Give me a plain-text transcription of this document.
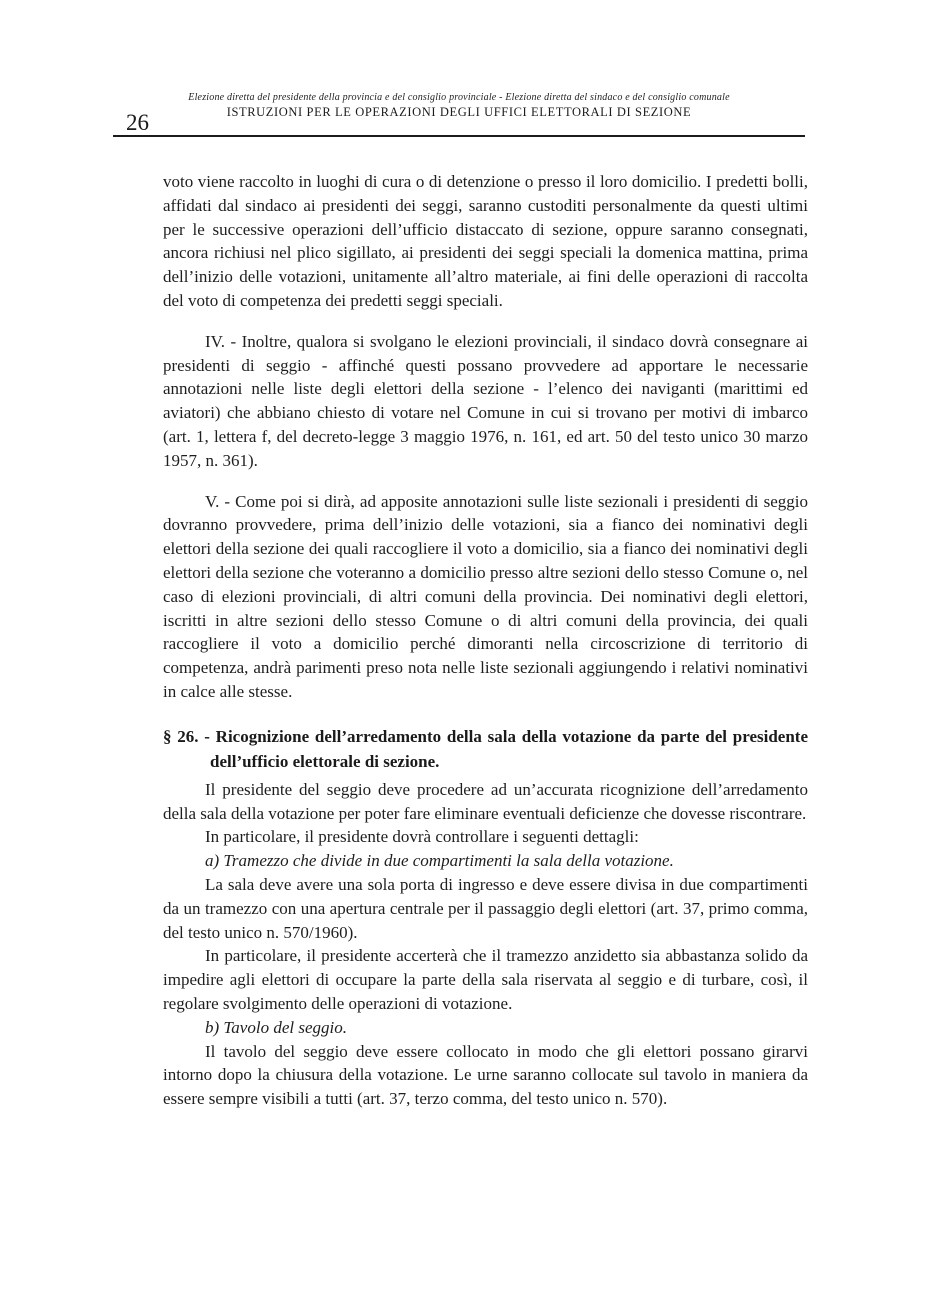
Elezione diretta del presidente della provincia e del consiglio provinciale - Elezione diretta del sindaco e del consiglio comunale
ISTRUZIONI PER LE OPERAZIONI DEGLI UFFICI ELETTORALI DI SEZIONE
26

voto viene raccolto in luoghi di cura o di detenzione o presso il loro domicilio. I predetti bolli, affidati dal sindaco ai presidenti dei seggi, saranno custoditi personalmente da questi ultimi per le successive operazioni dell’ufficio distaccato di sezione, oppure saranno consegnati, ancora richiusi nel plico sigillato, ai presidenti dei seggi speciali la domenica mattina, prima dell’inizio delle votazioni, unitamente all’altro materiale, ai fini delle operazioni di raccolta del voto di competenza dei predetti seggi speciali.

IV. - Inoltre, qualora si svolgano le elezioni provinciali, il sindaco dovrà consegnare ai presidenti di seggio - affinché questi possano provvedere ad apportare le necessarie annotazioni nelle liste degli elettori della sezione - l’elenco dei naviganti (marittimi ed aviatori) che abbiano chiesto di votare nel Comune in cui si trovano per motivi di imbarco (art. 1, lettera f, del decreto-legge 3 maggio 1976, n. 161, ed art. 50 del testo unico 30 marzo 1957, n. 361).

V. - Come poi si dirà, ad apposite annotazioni sulle liste sezionali i presidenti di seggio dovranno provvedere, prima dell’inizio delle votazioni, sia a fianco dei nominativi degli elettori della sezione dei quali raccogliere il voto a domicilio, sia a fianco dei nominativi degli elettori della sezione che voteranno a domicilio presso altre sezioni dello stesso Comune o, nel caso di elezioni provinciali, di altri comuni della provincia. Dei nominativi degli elettori, iscritti in altre sezioni dello stesso Comune o di altri comuni della provincia, dei quali raccogliere il voto a domicilio perché dimoranti nella circoscrizione di territorio di competenza, andrà parimenti preso nota nelle liste sezionali aggiungendo i relativi nominativi in calce alle stesse.

§ 26. - Ricognizione dell’arredamento della sala della votazione da parte del presidente dell’ufficio elettorale di sezione.

Il presidente del seggio deve procedere ad un’accurata ricognizione dell’arredamento della sala della votazione per poter fare eliminare eventuali deficienze che dovesse riscontrare.

In particolare, il presidente dovrà controllare i seguenti dettagli:

a) Tramezzo che divide in due compartimenti la sala della votazione.

La sala deve avere una sola porta di ingresso e deve essere divisa in due compartimenti da un tramezzo con una apertura centrale per il passaggio degli elettori (art. 37, primo comma, del testo unico n. 570/1960).

In particolare, il presidente accerterà che il tramezzo anzidetto sia abbastanza solido da impedire agli elettori di occupare la parte della sala riservata al seggio e di turbare, così, il regolare svolgimento delle operazioni di votazione.

b) Tavolo del seggio.

Il tavolo del seggio deve essere collocato in modo che gli elettori possano girarvi intorno dopo la chiusura della votazione. Le urne saranno collocate sul tavolo in maniera da essere sempre visibili a tutti (art. 37, terzo comma, del testo unico n. 570).
